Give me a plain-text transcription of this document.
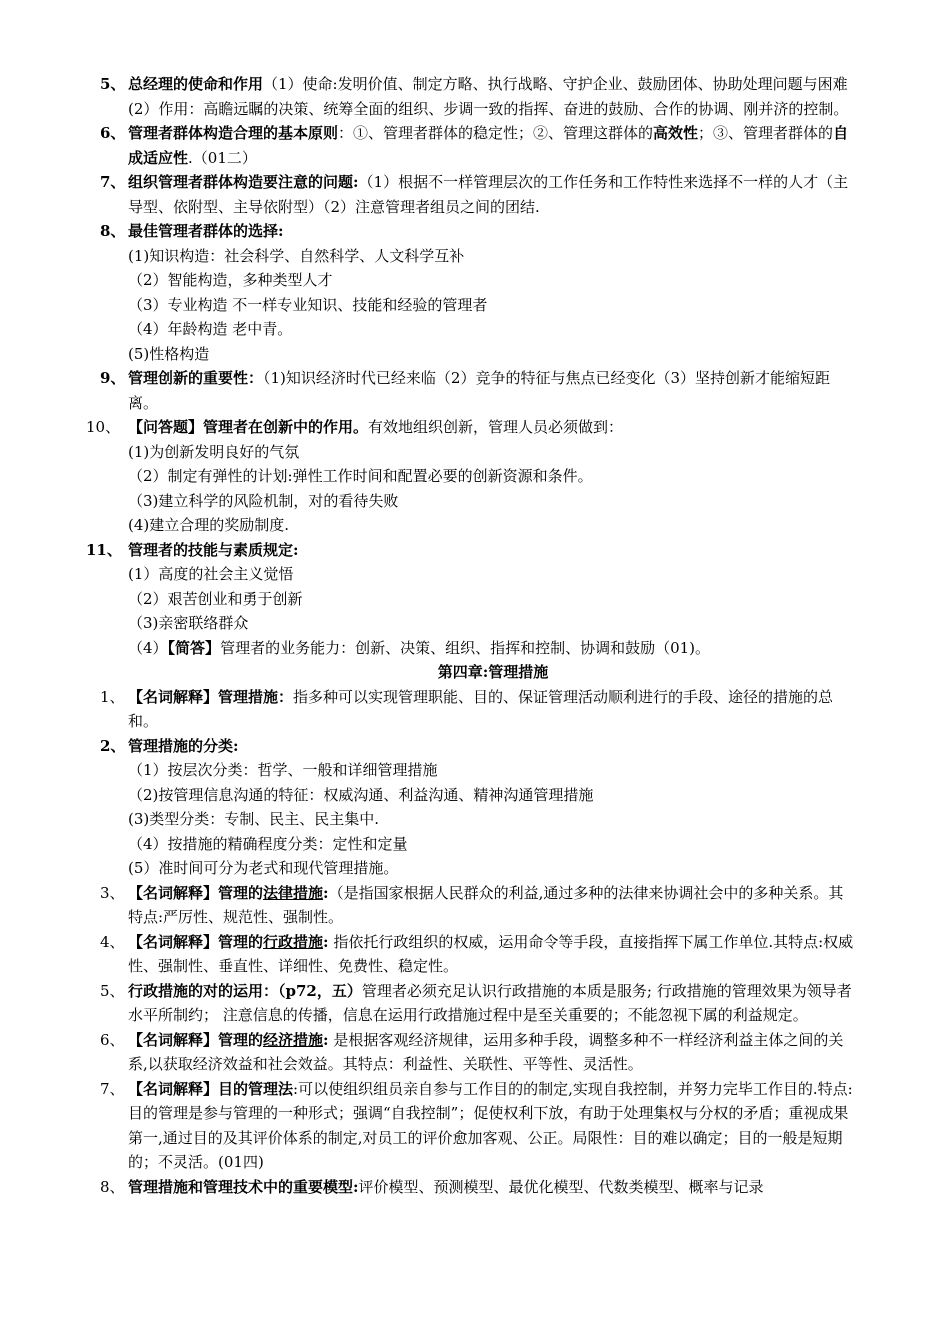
5、 总经理的使命和作用（1）使命:发明价值、制定方略、执行战略、守护企业、鼓励团体、协助处理问题与困难(2）作用：高瞻远瞩的决策、统筹全面的组织、步调一致的指挥、奋进的鼓励、合作的协调、刚并济的控制。

6、 管理者群体构造合理的基本原则：①、管理者群体的稳定性；②、管理这群体的高效性；③、管理者群体的自成适应性.（01二）

7、 组织管理者群体构造要注意的问题:（1）根据不一样管理层次的工作任务和工作特性来选择不一样的人才（主导型、依附型、主导依附型）（2）注意管理者组员之间的团结.

8、 最佳管理者群体的选择:

(1)知识构造：社会科学、自然科学、人文科学互补

（2）智能构造，多种类型人才

（3）专业构造 不一样专业知识、技能和经验的管理者

（4）年龄构造 老中青。

(5)性格构造

9、 管理创新的重要性：（1)知识经济时代已经来临（2）竞争的特征与焦点已经变化（3）坚持创新才能缩短距离。

10、 【问答题】管理者在创新中的作用。有效地组织创新，管理人员必须做到：

(1)为创新发明良好的气氛

（2）制定有弹性的计划:弹性工作时间和配置必要的创新资源和条件。

（3)建立科学的风险机制，对的看待失败

(4)建立合理的奖励制度.

11、 管理者的技能与素质规定:

(1）高度的社会主义觉悟

（2）艰苦创业和勇于创新

（3)亲密联络群众

（4）【简答】管理者的业务能力：创新、决策、组织、指挥和控制、协调和鼓励（01)。

第四章:管理措施

1、 【名词解释】管理措施：指多种可以实现管理职能、目的、保证管理活动顺利进行的手段、途径的措施的总和。

2、 管理措施的分类:

（1）按层次分类：哲学、一般和详细管理措施

（2)按管理信息沟通的特征：权威沟通、利益沟通、精神沟通管理措施

(3)类型分类：专制、民主、民主集中.

（4）按措施的精确程度分类：定性和定量

(5）准时间可分为老式和现代管理措施。

3、 【名词解释】管理的法律措施:（是指国家根据人民群众的利益,通过多种的法律来协调社会中的多种关系。其特点:严厉性、规范性、强制性。

4、 【名词解释】管理的行政措施: 指依托行政组织的权威，运用命令等手段，直接指挥下属工作单位.其特点:权威性、强制性、垂直性、详细性、免费性、稳定性。

5、 行政措施的对的运用：（p72，五）管理者必须充足认识行政措施的本质是服务; 行政措施的管理效果为领导者水平所制约； 注意信息的传播，信息在运用行政措施过程中是至关重要的；不能忽视下属的利益规定。

6、 【名词解释】管理的经济措施: 是根据客观经济规律，运用多种手段，调整多种不一样经济利益主体之间的关系,以获取经济效益和社会效益。其特点：利益性、关联性、平等性、灵活性。

7、 【名词解释】目的管理法:可以使组织组员亲自参与工作目的的制定,实现自我控制，并努力完毕工作目的.特点:目的管理是参与管理的一种形式；强调“自我控制”；促使权利下放，有助于处理集权与分权的矛盾；重视成果第一,通过目的及其评价体系的制定,对员工的评价愈加客观、公正。局限性：目的难以确定；目的一般是短期的；不灵活。(01四)

8、 管理措施和管理技术中的重要模型:评价模型、预测模型、最优化模型、代数类模型、概率与记录
